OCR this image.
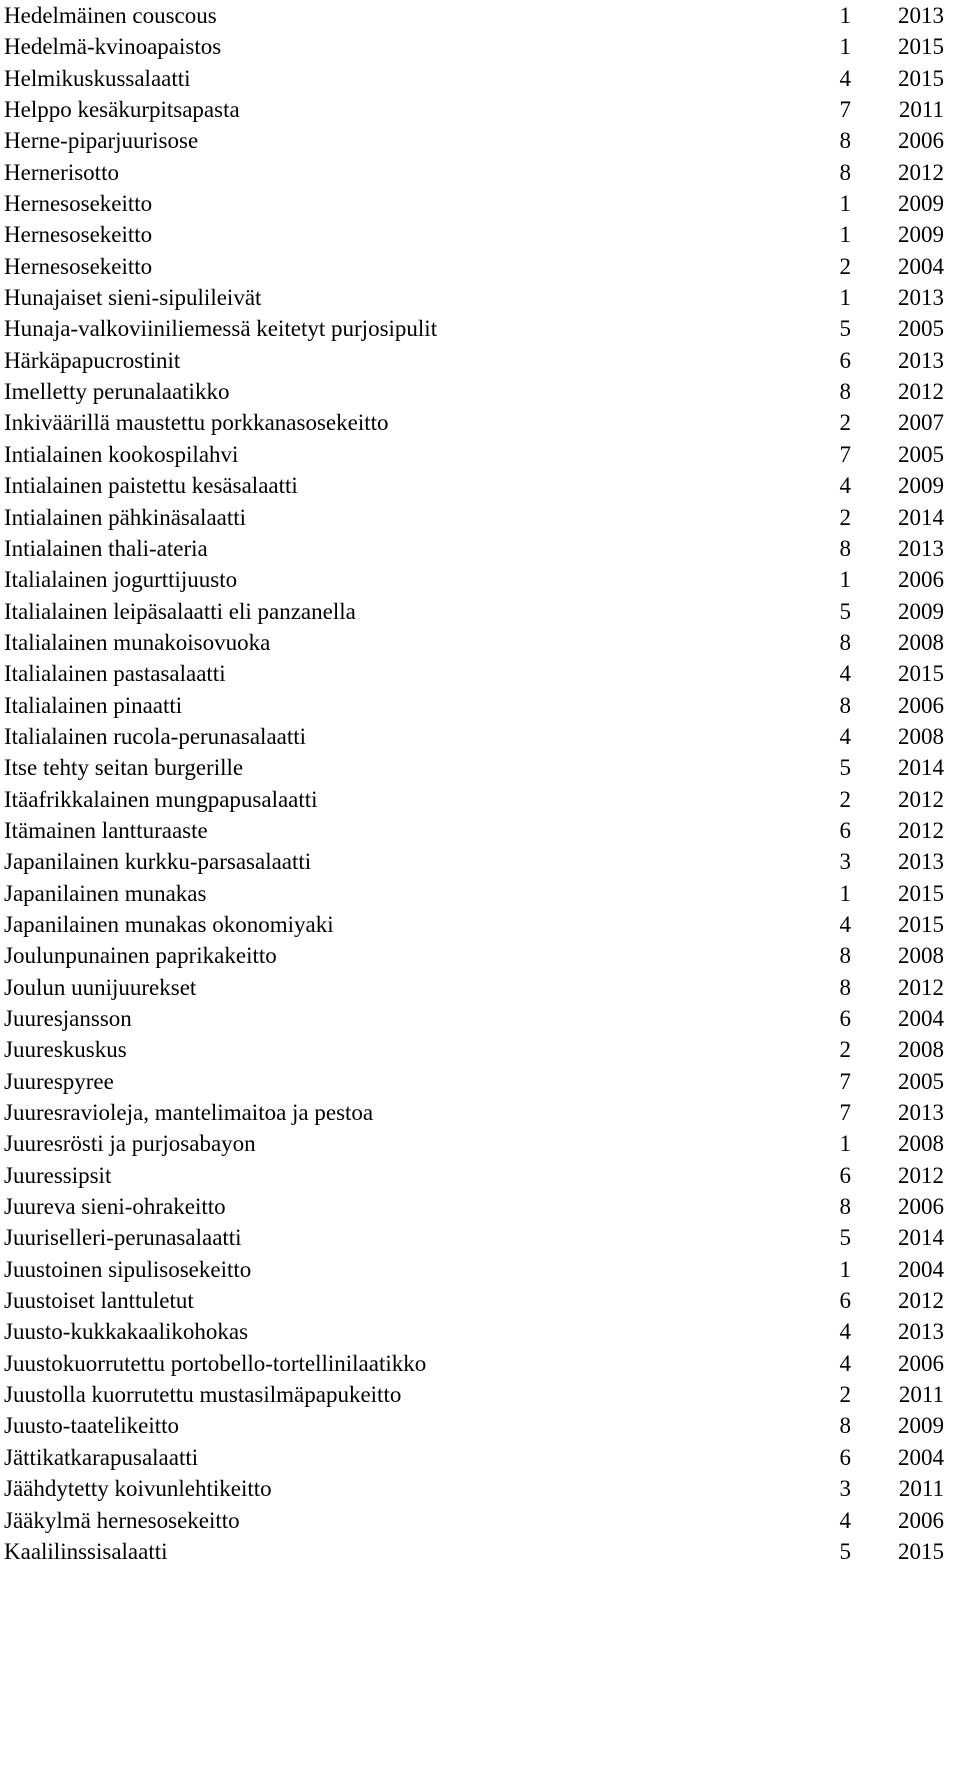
Hedelmäinen couscous	1 2013
Hedelmä-kvinoapaistos	1 2015
Helmikuskussalaatti	4 2015
Helppo kesäkurpitsapasta	7 2011
Herne-piparjuurisose	8 2006
Hernerisotto	8 2012
Hernesosekeitto	1 2009
Hernesosekeitto	1 2009
Hernesosekeitto	2 2004
Hunajaiset sieni-sipulileivät	1 2013
Hunaja-valkoviiniliemessä keitetyt purjosipulit	5 2005
Härkäpapucrostinit	6 2013
Imelletty perunalaatikko	8 2012
Inkiväärillä maustettu porkkanasosekeitto	2 2007
Intialainen kookospilahvi	7 2005
Intialainen paistettu kesäsalaatti	4 2009
Intialainen pähkinäsalaatti	2 2014
Intialainen thali-ateria	8 2013
Italialainen jogurttijuusto	1 2006
Italialainen leipäsalaatti eli panzanella	5 2009
Italialainen munakoisovuoka	8 2008
Italialainen pastasalaatti	4 2015
Italialainen pinaatti	8 2006
Italialainen rucola-perunasalaatti	4 2008
Itse tehty seitan burgerille	5 2014
Itäafrikkalainen mungpapusalaatti	2 2012
Itämainen lantturaaste	6 2012
Japanilainen kurkku-parsasalaatti	3 2013
Japanilainen munakas	1 2015
Japanilainen munakas okonomiyaki	4 2015
Joulunpunainen paprikakeitto	8 2008
Joulun uunijuurekset	8 2012
Juuresjansson	6 2004
Juureskuskus	2 2008
Juurespyree	7 2005
Juuresravioleja, mantelimaitoa ja pestoa	7 2013
Juuresrösti ja purjosabayon	1 2008
Juuressipsit	6 2012
Juureva sieni-ohrakeitto	8 2006
Juuriselleri-perunasalaatti	5 2014
Juustoinen sipulisosekeitto	1 2004
Juustoiset lanttuletut	6 2012
Juusto-kukkakaalikohokas	4 2013
Juustokuorrutettu portobello-tortellinilaatikko	4 2006
Juustolla kuorrutettu mustasilmäpapukeitto	2 2011
Juusto-taatelikeitto	8 2009
Jättikatkarapusalaatti	6 2004
Jäähdytetty koivunlehtikeitto	3 2011
Jääkylmä hernesosekeitto	4 2006
Kaalilinssisalaatti	5 2015
